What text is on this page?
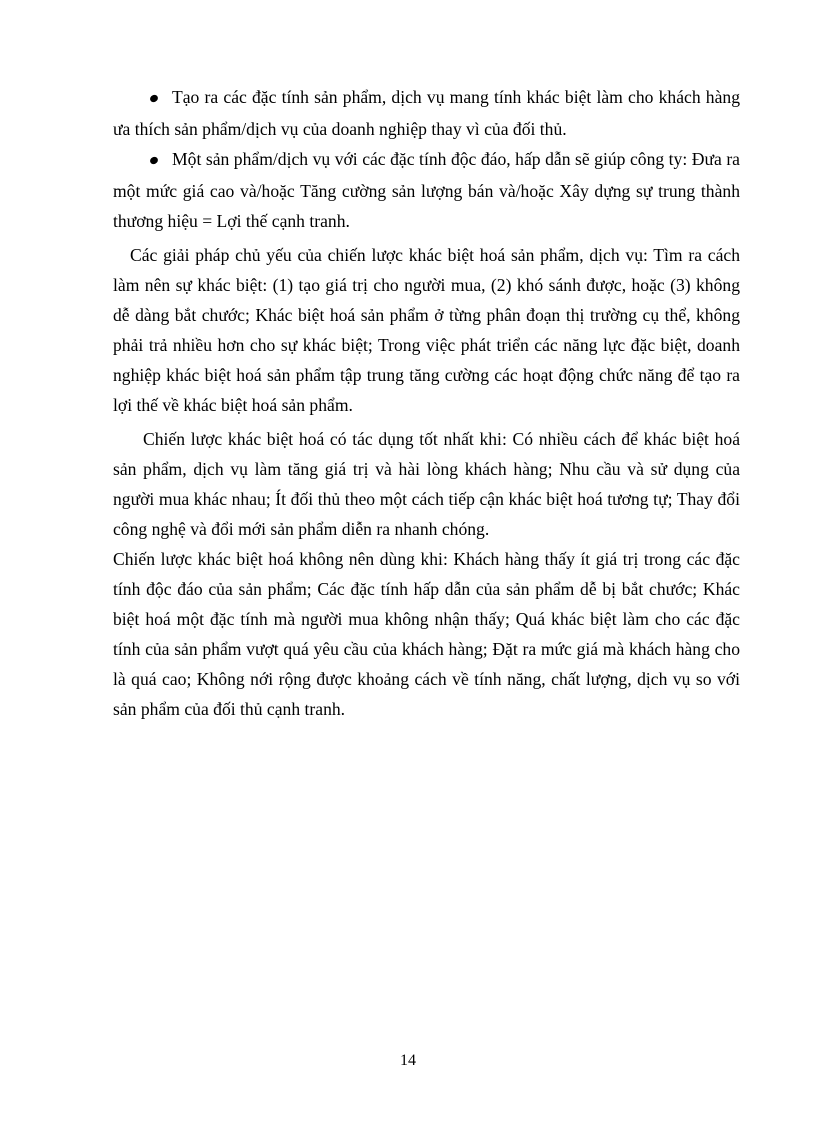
Tạo ra các đặc tính sản phẩm, dịch vụ mang tính khác biệt làm cho khách hàng ưa thích sản phẩm/dịch vụ của doanh nghiệp thay vì của đối thủ.

Một sản phẩm/dịch vụ với các đặc tính độc đáo, hấp dẫn sẽ giúp công ty: Đưa ra một mức giá cao và/hoặc Tăng cường sản lượng bán và/hoặc Xây dựng sự trung thành thương hiệu = Lợi thế cạnh tranh.

Các giải pháp chủ yếu của chiến lược khác biệt hoá sản phẩm, dịch vụ: Tìm ra cách làm nên sự khác biệt: (1) tạo giá trị cho người mua, (2) khó sánh được, hoặc (3) không dễ dàng bắt chước; Khác biệt hoá sản phẩm ở từng phân đoạn thị trường cụ thể, không phải trả nhiều hơn cho sự khác biệt; Trong việc phát triển các năng lực đặc biệt, doanh nghiệp khác biệt hoá sản phẩm tập trung tăng cường các hoạt động chức năng để tạo ra lợi thế về khác biệt hoá sản phẩm.

Chiến lược khác biệt hoá có tác dụng tốt nhất khi: Có nhiều cách để khác biệt hoá sản phẩm, dịch vụ làm tăng giá trị và hài lòng khách hàng; Nhu cầu và sử dụng của người mua khác nhau; Ít đối thủ theo một cách tiếp cận khác biệt hoá tương tự; Thay đổi công nghệ và đổi mới sản phẩm diễn ra nhanh chóng.

Chiến lược khác biệt hoá không nên dùng khi: Khách hàng thấy ít giá trị trong các đặc tính độc đáo của sản phẩm; Các đặc tính hấp dẫn của sản phẩm dễ bị bắt chước; Khác biệt hoá một đặc tính mà người mua không nhận thấy; Quá khác biệt làm cho các đặc tính của sản phẩm vượt quá yêu cầu của khách hàng; Đặt ra mức giá mà khách hàng cho là quá cao; Không nới rộng được khoảng cách về tính năng, chất lượng, dịch vụ so với sản phẩm của đối thủ cạnh tranh.

14
